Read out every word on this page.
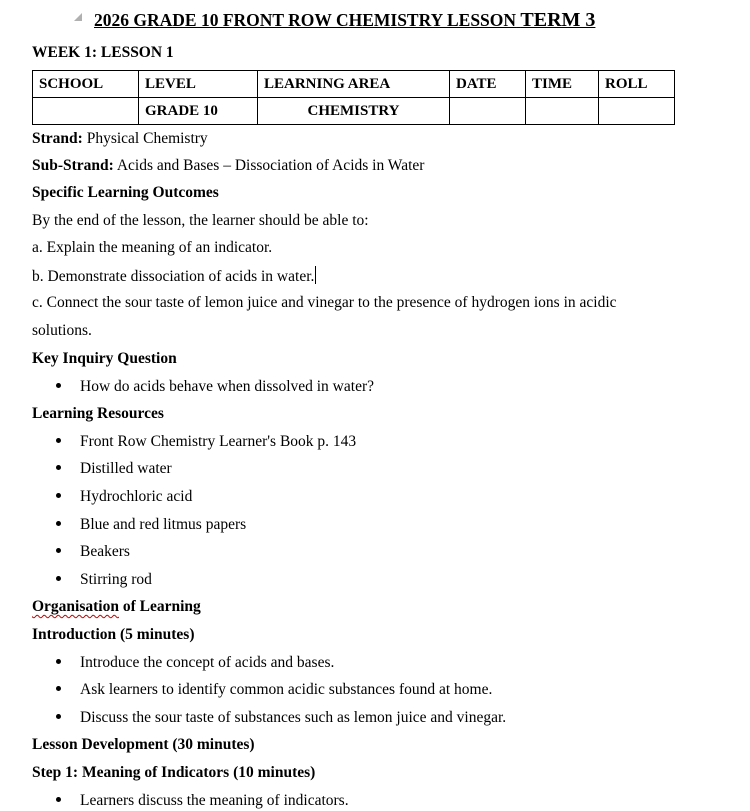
2026 GRADE 10 FRONT ROW CHEMISTRY LESSON TERM 3
WEEK 1: LESSON 1
SCHOOL	LEVEL	LEARNING AREA	DATE	TIME	ROLL
	GRADE 10	CHEMISTRY			
Strand: Physical Chemistry
Sub-Strand: Acids and Bases – Dissociation of Acids in Water
Specific Learning Outcomes
By the end of the lesson, the learner should be able to:
a. Explain the meaning of an indicator.
b. Demonstrate dissociation of acids in water.
c. Connect the sour taste of lemon juice and vinegar to the presence of hydrogen ions in acidic
solutions.
Key Inquiry Question
How do acids behave when dissolved in water?
Learning Resources
Front Row Chemistry Learner's Book p. 143
Distilled water
Hydrochloric acid
Blue and red litmus papers
Beakers
Stirring rod
Organisation of Learning
Introduction (5 minutes)
Introduce the concept of acids and bases.
Ask learners to identify common acidic substances found at home.
Discuss the sour taste of substances such as lemon juice and vinegar.
Lesson Development (30 minutes)
Step 1: Meaning of Indicators (10 minutes)
Learners discuss the meaning of indicators.
